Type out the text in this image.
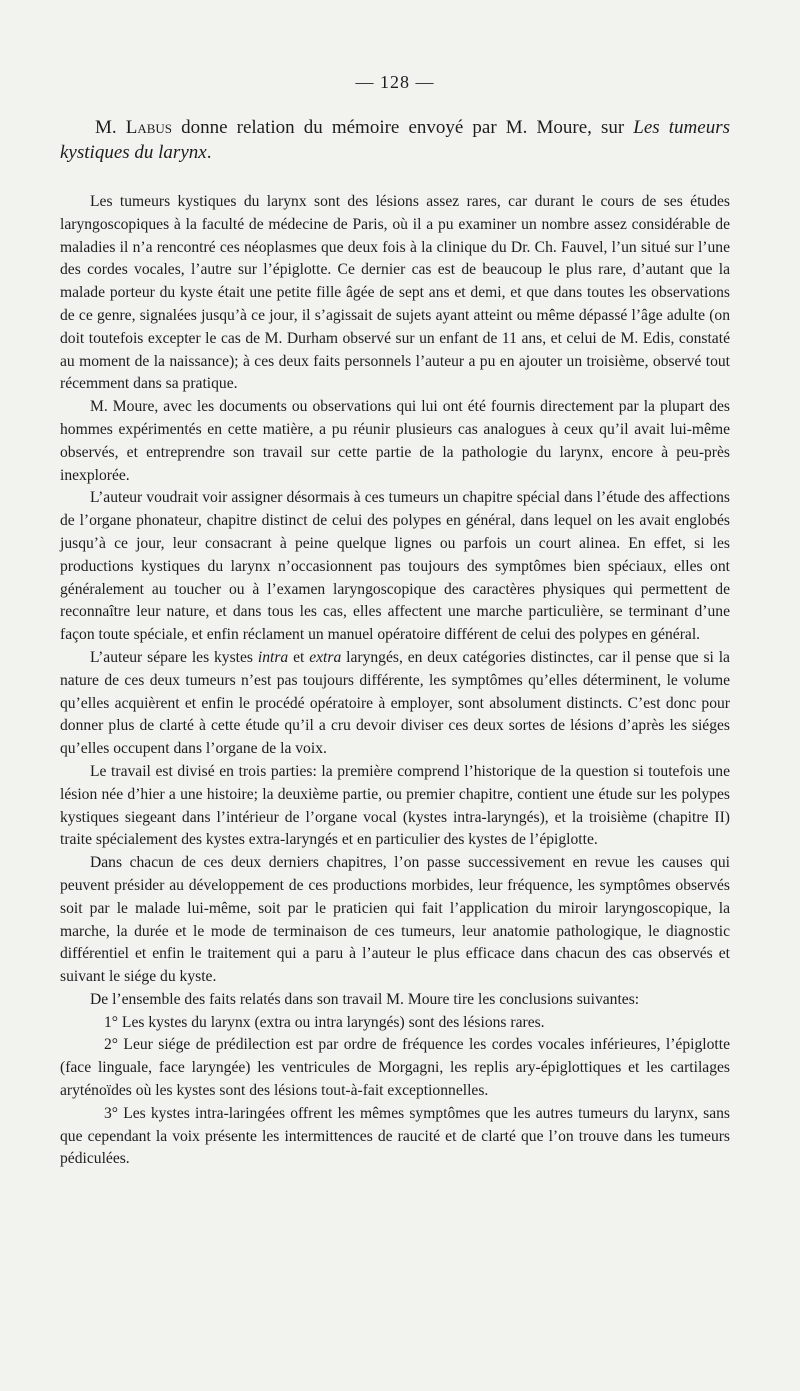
— 128 —

M. Labus donne relation du mémoire envoyé par M. Moure, sur Les tumeurs kystiques du larynx.

Les tumeurs kystiques du larynx sont des lésions assez rares, car durant le cours de ses études laryngoscopiques à la faculté de médecine de Paris, où il a pu examiner un nombre assez considérable de maladies il n’a rencontré ces néoplasmes que deux fois à la clinique du Dr. Ch. Fauvel, l’un situé sur l’une des cordes vocales, l’autre sur l’épiglotte. Ce dernier cas est de beaucoup le plus rare, d’autant que la malade porteur du kyste était une petite fille âgée de sept ans et demi, et que dans toutes les observations de ce genre, signalées jusqu’à ce jour, il s’agissait de sujets ayant atteint ou même dépassé l’âge adulte (on doit toutefois excepter le cas de M. Durham observé sur un enfant de 11 ans, et celui de M. Edis, constaté au moment de la naissance); à ces deux faits personnels l’auteur a pu en ajouter un troisième, observé tout récemment dans sa pratique.

M. Moure, avec les documents ou observations qui lui ont été fournis directement par la plupart des hommes expérimentés en cette matière, a pu réunir plusieurs cas analogues à ceux qu’il avait lui-même observés, et entreprendre son travail sur cette partie de la pathologie du larynx, encore à peu-près inexplorée.

L’auteur voudrait voir assigner désormais à ces tumeurs un chapitre spécial dans l’étude des affections de l’organe phonateur, chapitre distinct de celui des polypes en général, dans lequel on les avait englobés jusqu’à ce jour, leur consacrant à peine quelque lignes ou parfois un court alinea. En effet, si les productions kystiques du larynx n’occasionnent pas toujours des symptômes bien spéciaux, elles ont généralement au toucher ou à l’examen laryngoscopique des caractères physiques qui permettent de reconnaître leur nature, et dans tous les cas, elles affectent une marche particulière, se terminant d’une façon toute spéciale, et enfin réclament un manuel opératoire différent de celui des polypes en général.

L’auteur sépare les kystes intra et extra laryngés, en deux catégories distinctes, car il pense que si la nature de ces deux tumeurs n’est pas toujours différente, les symptômes qu’elles déterminent, le volume qu’elles acquièrent et enfin le procédé opératoire à employer, sont absolument distincts. C’est donc pour donner plus de clarté à cette étude qu’il a cru devoir diviser ces deux sortes de lésions d’après les siéges qu’elles occupent dans l’organe de la voix.

Le travail est divisé en trois parties: la première comprend l’historique de la question si toutefois une lésion née d’hier a une histoire; la deuxième partie, ou premier chapitre, contient une étude sur les polypes kystiques siegeant dans l’intérieur de l’organe vocal (kystes intra-laryngés), et la troisième (chapitre II) traite spécialement des kystes extra-laryngés et en particulier des kystes de l’épiglotte.

Dans chacun de ces deux derniers chapitres, l’on passe successivement en revue les causes qui peuvent présider au développement de ces productions morbides, leur fréquence, les symptômes observés soit par le malade lui-même, soit par le praticien qui fait l’application du miroir laryngoscopique, la marche, la durée et le mode de terminaison de ces tumeurs, leur anatomie pathologique, le diagnostic différentiel et enfin le traitement qui a paru à l’auteur le plus efficace dans chacun des cas observés et suivant le siége du kyste.

De l’ensemble des faits relatés dans son travail M. Moure tire les conclusions suivantes:

1° Les kystes du larynx (extra ou intra laryngés) sont des lésions rares.

2° Leur siége de prédilection est par ordre de fréquence les cordes vocales inférieures, l’épiglotte (face linguale, face laryngée) les ventricules de Morgagni, les replis ary-épiglottiques et les cartilages aryténoïdes où les kystes sont des lésions tout-à-fait exceptionnelles.

3° Les kystes intra-laringées offrent les mêmes symptômes que les autres tumeurs du larynx, sans que cependant la voix présente les intermittences de raucité et de clarté que l’on trouve dans les tumeurs pédiculées.
